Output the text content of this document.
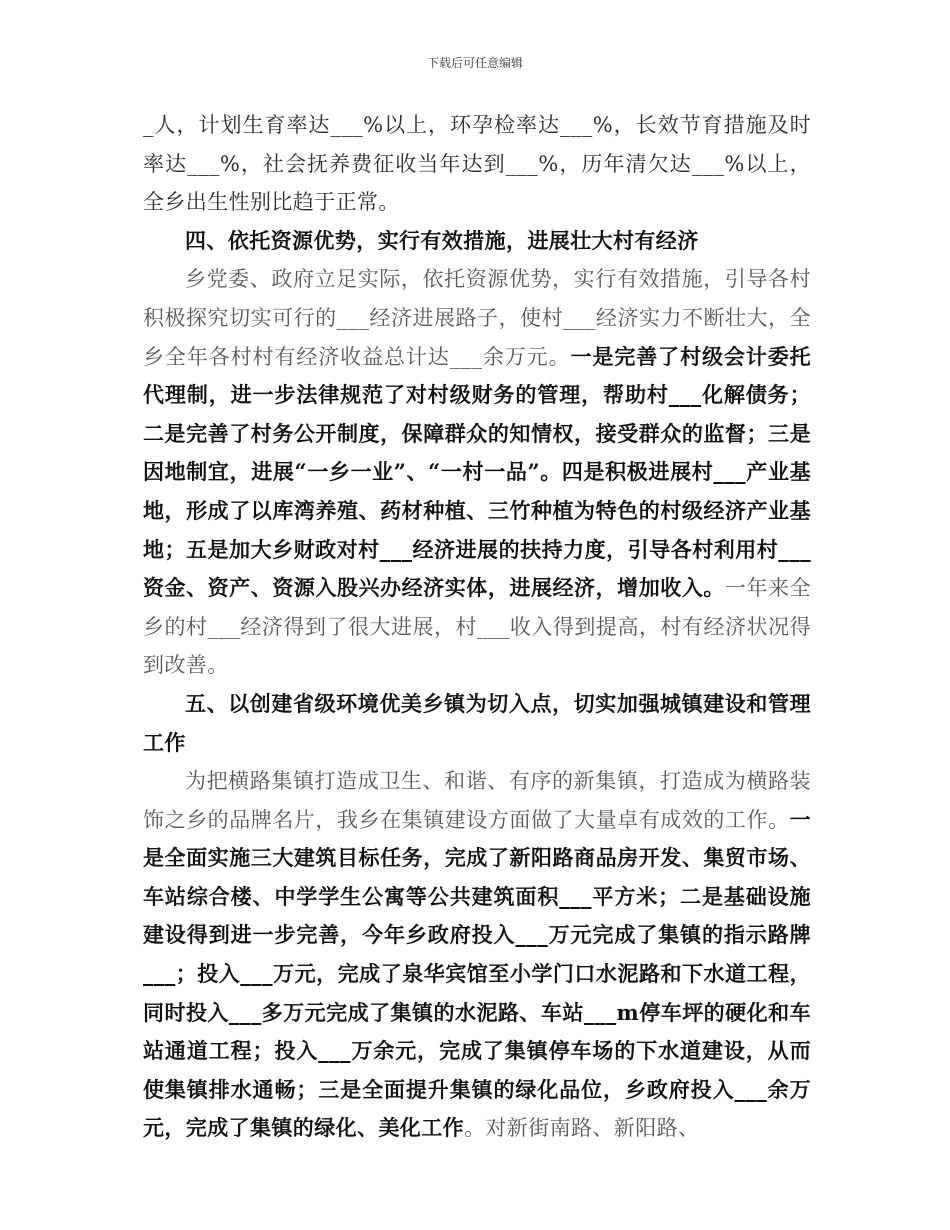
下载后可任意编辑

_人，计划生育率达___%以上，环孕检率达___%，长效节育措施及时率达___%，社会抚养费征收当年达到___%，历年清欠达___%以上，全乡出生性别比趋于正常。

四、依托资源优势，实行有效措施，进展壮大村有经济

乡党委、政府立足实际，依托资源优势，实行有效措施，引导各村积极探究切实可行的___经济进展路子，使村___经济实力不断壮大，全乡全年各村村有经济收益总计达___余万元。一是完善了村级会计委托代理制，进一步法律规范了对村级财务的管理，帮助村___化解债务；二是完善了村务公开制度，保障群众的知情权，接受群众的监督；三是因地制宜，进展“一乡一业”、“一村一品”。四是积极进展村___产业基地，形成了以库湾养殖、药材种植、三竹种植为特色的村级经济产业基地；五是加大乡财政对村___经济进展的扶持力度，引导各村利用村___资金、资产、资源入股兴办经济实体，进展经济，增加收入。一年来全乡的村___经济得到了很大进展，村___收入得到提高，村有经济状况得到改善。

五、以创建省级环境优美乡镇为切入点，切实加强城镇建设和管理工作

为把横路集镇打造成卫生、和谐、有序的新集镇，打造成为横路装饰之乡的品牌名片，我乡在集镇建设方面做了大量卓有成效的工作。一是全面实施三大建筑目标任务，完成了新阳路商品房开发、集贸市场、车站综合楼、中学学生公寓等公共建筑面积___平方米；二是基础设施建设得到进一步完善，今年乡政府投入___万元完成了集镇的指示路牌___；投入___万元，完成了泉华宾馆至小学门口水泥路和下水道工程，同时投入___多万元完成了集镇的水泥路、车站___m停车坪的硬化和车站通道工程；投入___万余元，完成了集镇停车场的下水道建设，从而使集镇排水通畅；三是全面提升集镇的绿化品位，乡政府投入___余万元，完成了集镇的绿化、美化工作。对新街南路、新阳路、
